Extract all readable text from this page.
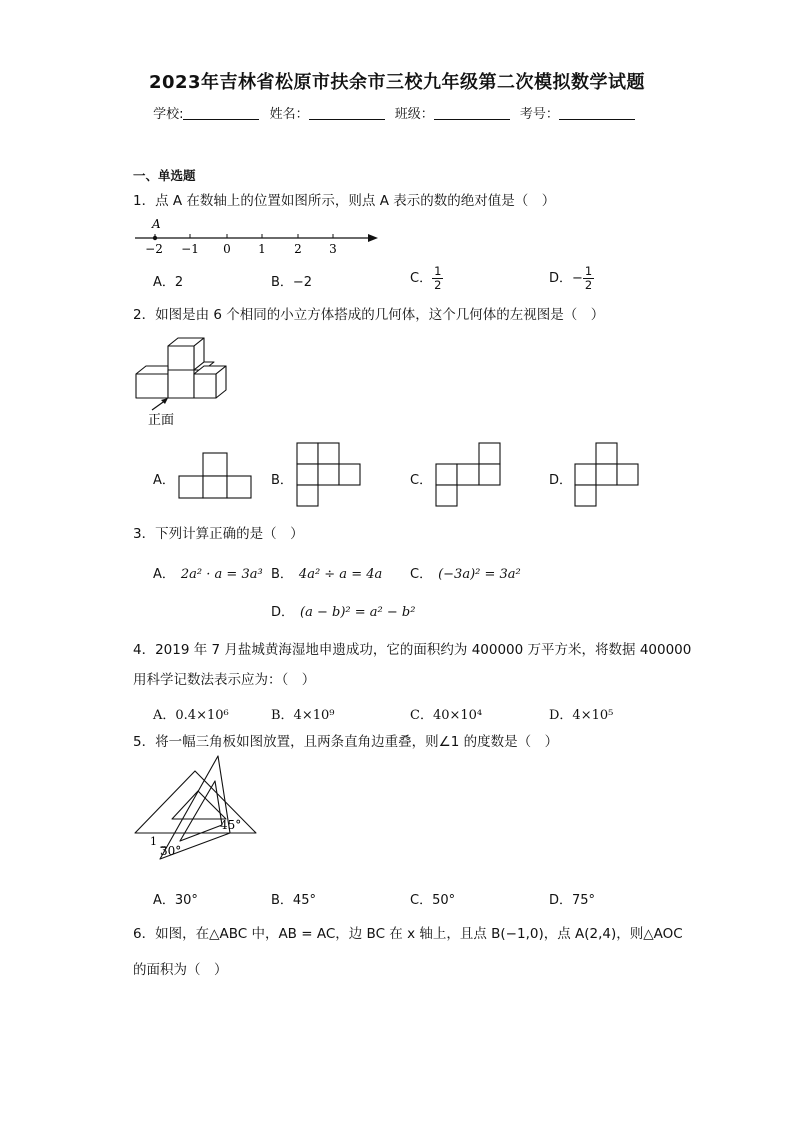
2023年吉林省松原市扶余市三校九年级第二次模拟数学试题
学校:	姓名：	班级：	考号：
一、单选题
1．点 A 在数轴上的位置如图所示，则点 A 表示的数的绝对值是（　）
A
−2 −1 0 1 2 3
A．2	B．−2	C． $\frac{1}{2}$	D．− $\frac{1}{2}$
2．如图是由 6 个相同的小立方体搭成的几何体，这个几何体的左视图是（　）
正面
A．	B．	C．	D．
3．下列计算正确的是（　）
A． 2a² · a = 3a³ B． 4a² ÷ a = 4a C． (−3a)² = 3a²
D． (a − b)² = a² − b²
4．2019 年 7 月盐城黄海湿地申遗成功，它的面积约为 400000 万平方米，将数据 400000
用科学记数法表示应为：（　）
A．0.4×10⁶	B．4×10⁹	C．40×10⁴	D．4×10⁵
5．将一幅三角板如图放置，且两条直角边重叠，则∠1 的度数是（　）
45°
30°
1
A．30°	B．45°	C．50°	D．75°
6．如图，在△ABC 中，AB = AC，边 BC 在 x 轴上，且点 B(−1,0)，点 A(2,4)，则△AOC
的面积为（　）
